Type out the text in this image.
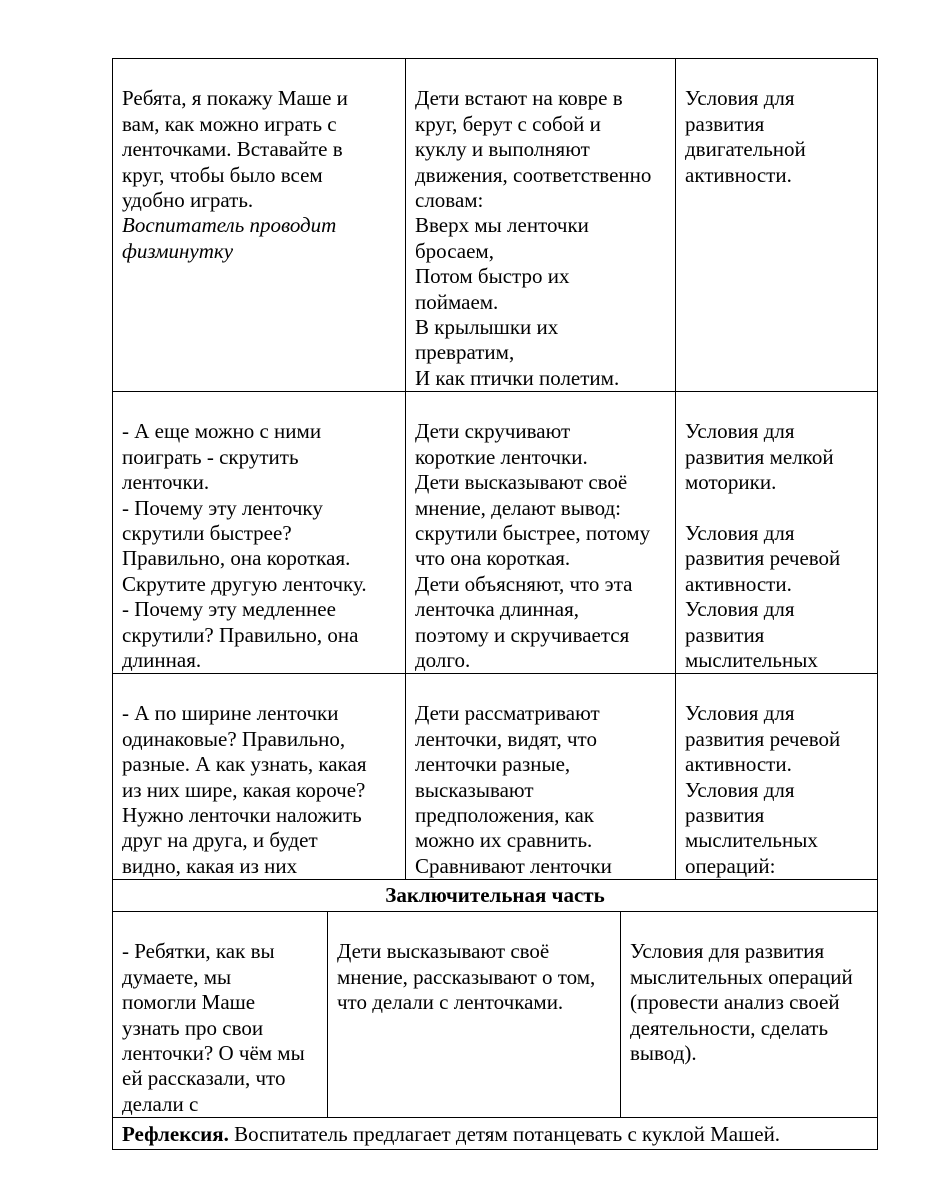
Ребята, я покажу Маше и
вам, как можно играть с
ленточками. Вставайте в
круг, чтобы было всем
удобно играть.
Воспитатель проводит
физминутку

Дети встают на ковре в
круг, берут с собой и
куклу и выполняют
движения, соответственно
словам:
Вверх мы ленточки
бросаем,
Потом быстро их
поймаем.
В крылышки их
превратим,
И как птички полетим.

Условия для
развития
двигательной
активности.

- А еще можно с ними
поиграть - скрутить
ленточки.
- Почему эту ленточку
скрутили быстрее?
Правильно, она короткая.
Скрутите другую ленточку.
- Почему эту медленнее
скрутили? Правильно, она
длинная.

Дети скручивают
короткие ленточки.
Дети высказывают своё
мнение, делают вывод:
скрутили быстрее, потому
что она короткая.
Дети объясняют, что эта
ленточка длинная,
поэтому и скручивается
долго.

Условия для
развития мелкой
моторики.

Условия для
развития речевой
активности.
Условия для
развития
мыслительных

- А по ширине ленточки
одинаковые? Правильно,
разные. А как узнать, какая
из них шире, какая короче?
Нужно ленточки наложить
друг на друга, и будет
видно, какая из них

Дети рассматривают
ленточки, видят, что
ленточки разные,
высказывают
предположения, как
можно их сравнить.
Сравнивают ленточки

Условия для
развития речевой
активности.
Условия для
развития
мыслительных
операций:

Заключительная часть

- Ребятки, как вы
думаете, мы
помогли Маше
узнать про свои
ленточки? О чём мы
ей рассказали, что
делали с

Дети высказывают своё
мнение, рассказывают о том,
что делали с ленточками.

Условия для развития
мыслительных операций
(провести анализ своей
деятельности, сделать
вывод).

Рефлексия. Воспитатель предлагает детям потанцевать с куклой Машей.
